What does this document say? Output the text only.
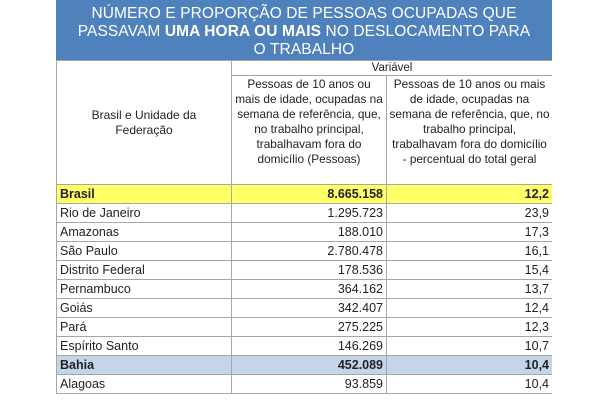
NÚMERO E PROPORÇÃO DE PESSOAS OCUPADAS QUE
PASSAVAM UMA HORA OU MAIS NO DESLOCAMENTO PARA
O TRABALHO
Brasil e Unidade da Federação	Variável	
	Pessoas de 10 anos ou mais de idade, ocupadas na semana de referência, que, no trabalho principal, trabalhavam fora do domicílio (Pessoas)	Pessoas de 10 anos ou mais de idade, ocupadas na semana de referência, que, no trabalho principal, trabalhavam fora do domicílio - percentual do total geral
Brasil	8.665.158	12,2
Rio de Janeiro	1.295.723	23,9
Amazonas	188.010	17,3
São Paulo	2.780.478	16,1
Distrito Federal	178.536	15,4
Pernambuco	364.162	13,7
Goiás	342.407	12,4
Pará	275.225	12,3
Espírito Santo	146.269	10,7
Bahia	452.089	10,4
Alagoas	93.859	10,4
